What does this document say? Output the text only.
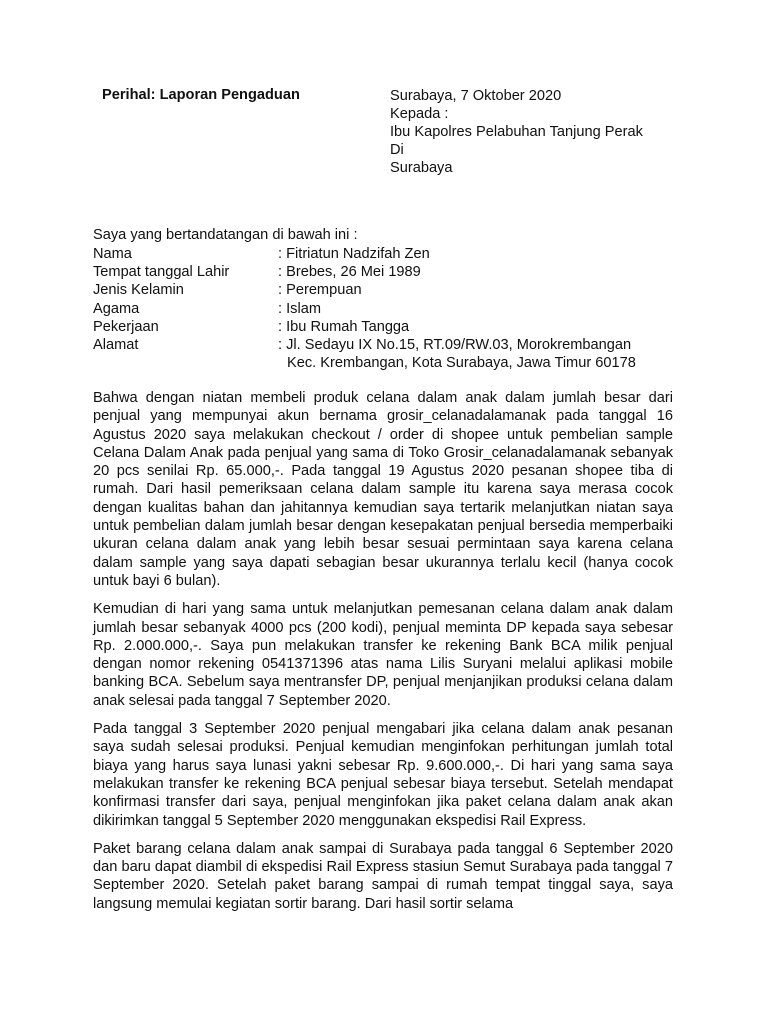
Perihal: Laporan Pengaduan	Surabaya, 7 Oktober 2020
Kepada :
Ibu Kapolres Pelabuhan Tanjung Perak
Di
Surabaya
Saya yang bertandatangan di bawah ini :
Nama	: Fitriatun Nadzifah Zen
Tempat tanggal Lahir	: Brebes, 26 Mei 1989
Jenis Kelamin	: Perempuan
Agama	: Islam
Pekerjaan	: Ibu Rumah Tangga
Alamat	: Jl. Sedayu IX No.15, RT.09/RW.03, Morokrembangan
Kec. Krembangan, Kota Surabaya, Jawa Timur 60178

Bahwa dengan niatan membeli produk celana dalam anak dalam jumlah besar dari penjual yang mempunyai akun bernama grosir_celanadalamanak pada tanggal 16 Agustus 2020 saya melakukan checkout / order di shopee untuk pembelian sample Celana Dalam Anak pada penjual yang sama di Toko Grosir_celanadalamanak sebanyak 20 pcs senilai Rp. 65.000,-. Pada tanggal 19 Agustus 2020 pesanan shopee tiba di rumah. Dari hasil pemeriksaan celana dalam sample itu karena saya merasa cocok dengan kualitas bahan dan jahitannya kemudian saya tertarik melanjutkan niatan saya untuk pembelian dalam jumlah besar dengan kesepakatan penjual bersedia memperbaiki ukuran celana dalam anak yang lebih besar sesuai permintaan saya karena celana dalam sample yang saya dapati sebagian besar ukurannya terlalu kecil (hanya cocok untuk bayi 6 bulan).

Kemudian di hari yang sama untuk melanjutkan pemesanan celana dalam anak dalam jumlah besar sebanyak 4000 pcs (200 kodi), penjual meminta DP kepada saya sebesar Rp. 2.000.000,-. Saya pun melakukan transfer ke rekening Bank BCA milik penjual dengan nomor rekening 0541371396 atas nama Lilis Suryani melalui aplikasi mobile banking BCA. Sebelum saya mentransfer DP, penjual menjanjikan produksi celana dalam anak selesai pada tanggal 7 September 2020.

Pada tanggal 3 September 2020 penjual mengabari jika celana dalam anak pesanan saya sudah selesai produksi. Penjual kemudian menginfokan perhitungan jumlah total biaya yang harus saya lunasi yakni sebesar Rp. 9.600.000,-. Di hari yang sama saya melakukan transfer ke rekening BCA penjual sebesar biaya tersebut. Setelah mendapat konfirmasi transfer dari saya, penjual menginfokan jika paket celana dalam anak akan dikirimkan tanggal 5 September 2020 menggunakan ekspedisi Rail Express.

Paket barang celana dalam anak sampai di Surabaya pada tanggal 6 September 2020 dan baru dapat diambil di ekspedisi Rail Express stasiun Semut Surabaya pada tanggal 7 September 2020. Setelah paket barang sampai di rumah tempat tinggal saya, saya langsung memulai kegiatan sortir barang. Dari hasil sortir selama
